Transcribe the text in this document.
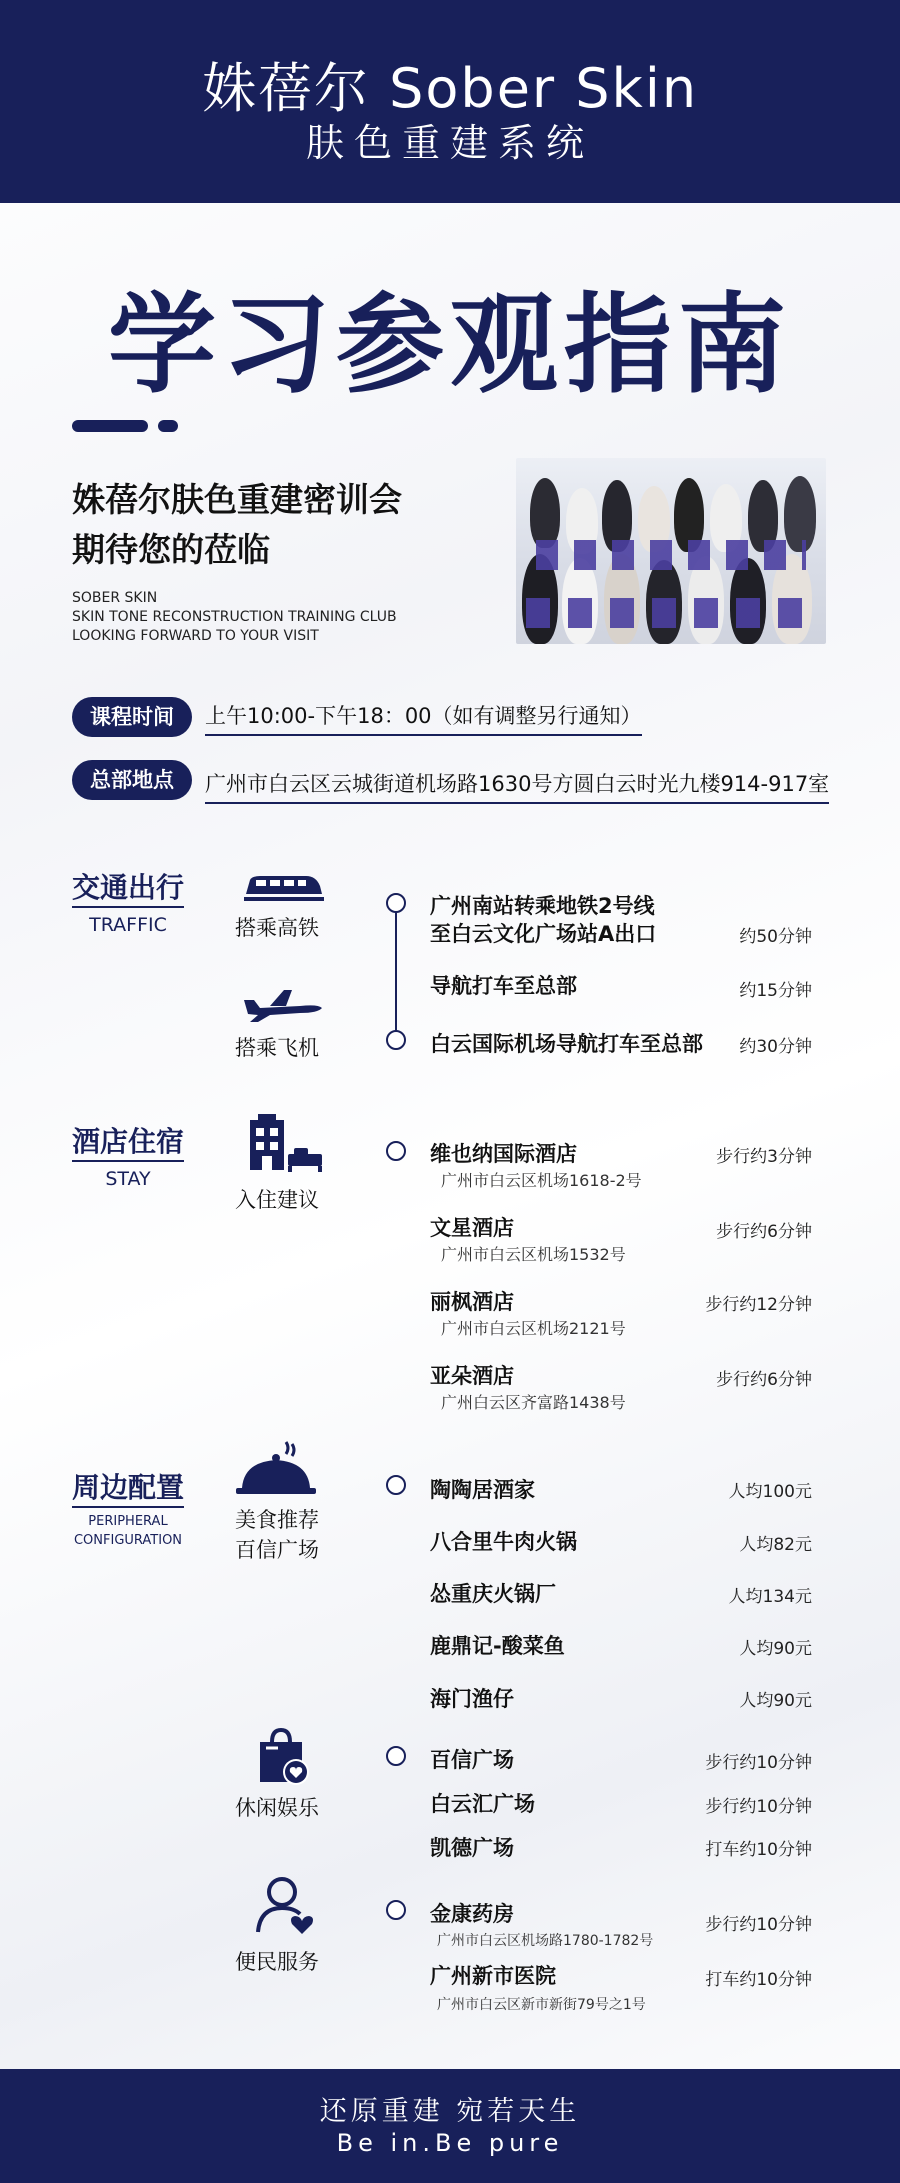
姝蓓尔 Sober Skin
肤色重建系统
学习参观指南
姝蓓尔肤色重建密训会
期待您的莅临
SOBER SKIN
SKIN TONE RECONSTRUCTION TRAINING CLUB
LOOKING FORWARD TO YOUR VISIT
课程时间	上午10:00-下午18：00（如有调整另行通知）
总部地点	广州市白云区云城街道机场路1630号方圆白云时光九楼914-917室
交通出行
TRAFFIC	搭乘高铁
搭乘飞机
广州南站转乘地铁2号线
至白云文化广场站A出口	约50分钟
导航打车至总部	约15分钟
白云国际机场导航打车至总部 约30分钟
酒店住宿
STAY
入住建议
维也纳国际酒店
广州市白云区机场1618-2号
步行约3分钟
文星酒店
广州市白云区机场1532号
步行约6分钟
丽枫酒店
广州市白云区机场2121号
步行约12分钟
亚朵酒店
广州白云区齐富路1438号
步行约6分钟
周边配置
PERIPHERAL
CONFIGURATION
美食推荐
百信广场
陶陶居酒家	人均100元
八合里牛肉火锅	人均82元
怂重庆火锅厂	人均134元
鹿鼎记-酸菜鱼	人均90元
海门渔仔	人均90元
休闲娱乐
百信广场	步行约10分钟
白云汇广场	步行约10分钟
凯德广场	打车约10分钟
便民服务
金康药房
广州市白云区机场路1780-1782号
步行约10分钟
广州新市医院
广州市白云区新市新街79号之1号
打车约10分钟
还原重建 宛若天生
Be in.Be pure
